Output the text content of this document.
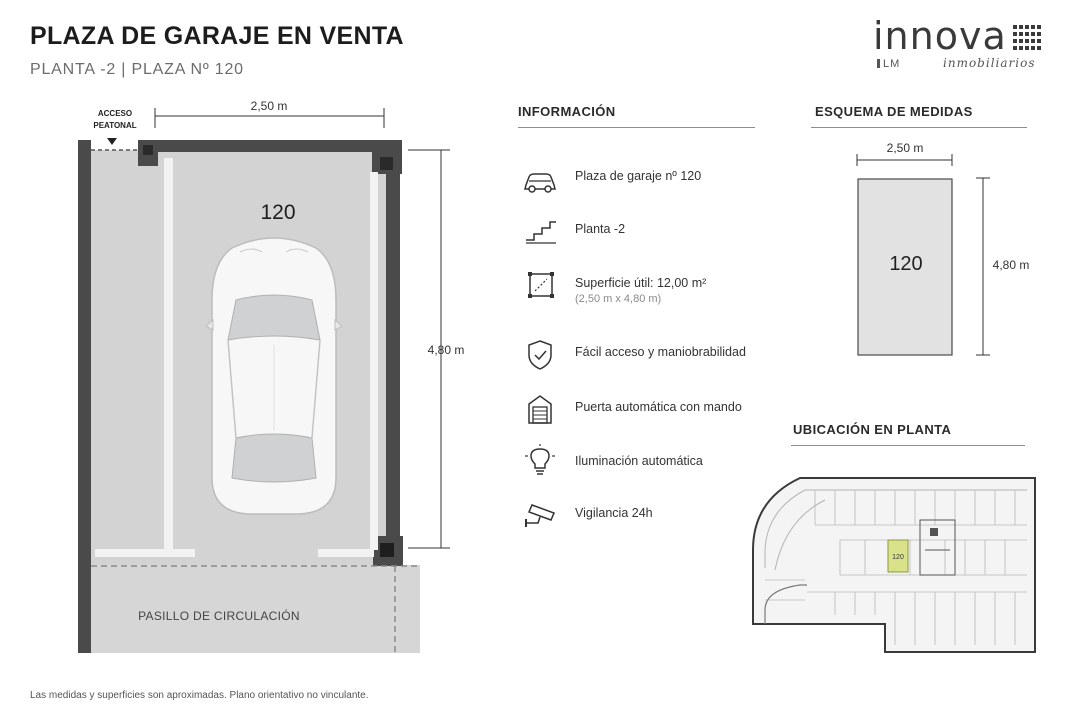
PLAZA DE GARAJE EN VENTA
PLANTA -2 | PLAZA Nº 120
innova
LM	inmobiliarios
2,50 m
4,80 m
120
ACCESO
PEATONAL
PASILLO DE CIRCULACIÓN
INFORMACIÓN
Plaza de garaje nº 120
Planta -2
Superficie útil: 12,00 m²
(2,50 m x 4,80 m)
Fácil acceso y maniobrabilidad
Puerta automática con mando
Iluminación automática
Vigilancia 24h
ESQUEMA DE MEDIDAS
2,50 m
4,80 m
120
UBICACIÓN EN PLANTA
120
Las medidas y superficies son aproximadas. Plano orientativo no vinculante.
